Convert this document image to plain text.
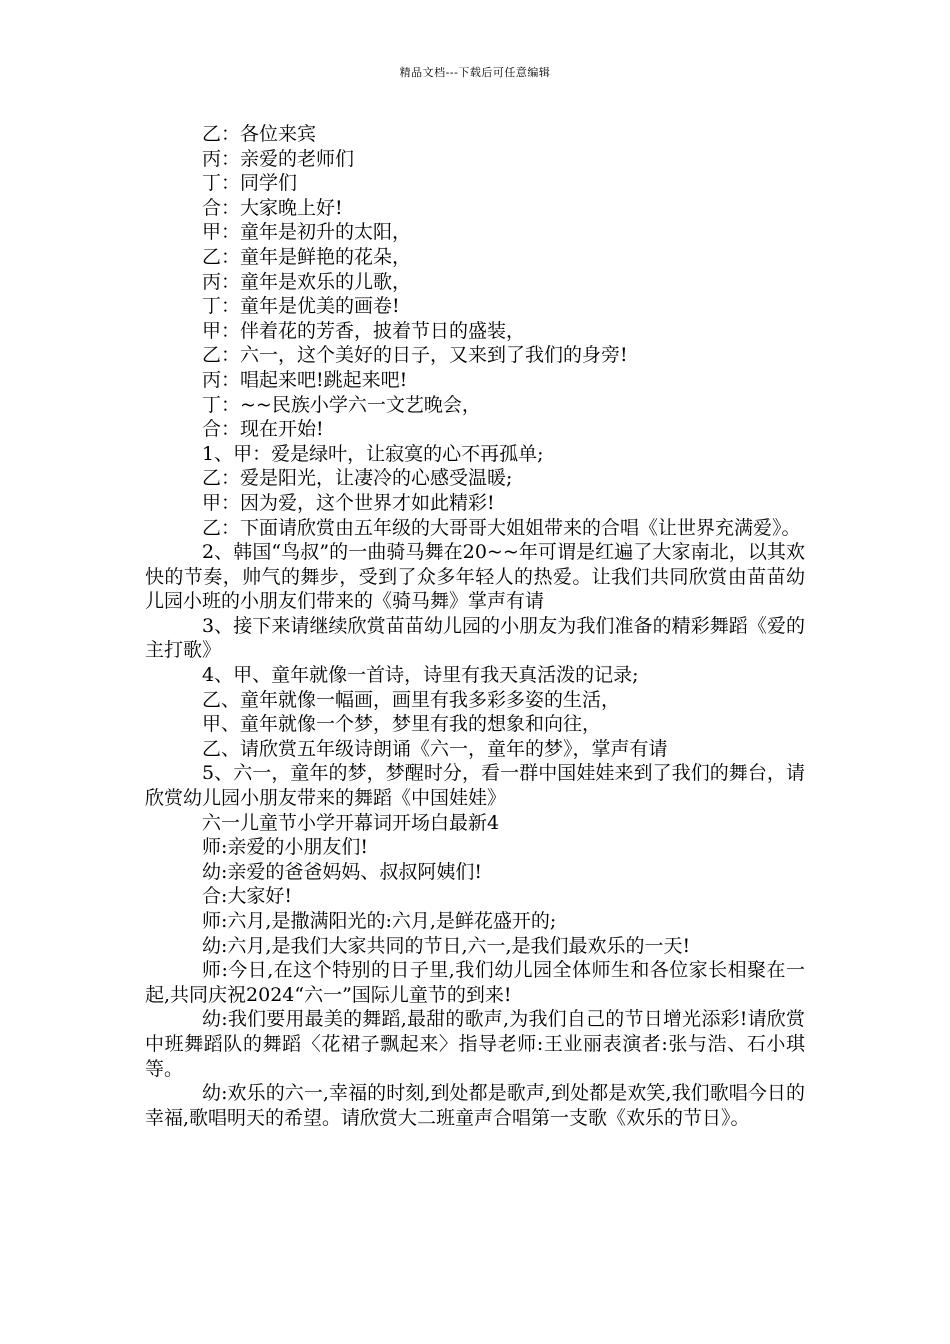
精品文档---下载后可任意编辑
乙：各位来宾
丙：亲爱的老师们
丁：同学们
合：大家晚上好!
甲：童年是初升的太阳，
乙：童年是鲜艳的花朵，
丙：童年是欢乐的儿歌，
丁：童年是优美的画卷!
甲：伴着花的芳香，披着节日的盛装，
乙：六一，这个美好的日子，又来到了我们的身旁!
丙：唱起来吧!跳起来吧!
丁：~~民族小学六一文艺晚会，
合：现在开始!
1、甲：爱是绿叶，让寂寞的心不再孤单;
乙：爱是阳光，让凄冷的心感受温暖;
甲：因为爱，这个世界才如此精彩!
乙：下面请欣赏由五年级的大哥哥大姐姐带来的合唱《让世界充满爱》。
2、韩国“鸟叔”的一曲骑马舞在20~~年可谓是红遍了大家南北，以其欢快的节奏，帅气的舞步，受到了众多年轻人的热爱。让我们共同欣赏由苗苗幼儿园小班的小朋友们带来的《骑马舞》掌声有请
3、接下来请继续欣赏苗苗幼儿园的小朋友为我们准备的精彩舞蹈《爱的主打歌》
4、甲、童年就像一首诗，诗里有我天真活泼的记录;
乙、童年就像一幅画，画里有我多彩多姿的生活，
甲、童年就像一个梦，梦里有我的想象和向往，
乙、请欣赏五年级诗朗诵《六一，童年的梦》，掌声有请
5、六一，童年的梦，梦醒时分，看一群中国娃娃来到了我们的舞台，请欣赏幼儿园小朋友带来的舞蹈《中国娃娃》
六一儿童节小学开幕词开场白最新4
师:亲爱的小朋友们!
幼:亲爱的爸爸妈妈、叔叔阿姨们!
合:大家好!
师:六月,是撒满阳光的:六月,是鲜花盛开的;
幼:六月,是我们大家共同的节日,六一,是我们最欢乐的一天!
师:今日,在这个特别的日子里,我们幼儿园全体师生和各位家长相聚在一起,共同庆祝2024“六一”国际儿童节的到来!
幼:我们要用最美的舞蹈,最甜的歌声,为我们自己的节日增光添彩!请欣赏中班舞蹈队的舞蹈〈花裙子飘起来〉指导老师:王业丽表演者:张与浩、石小琪等。
幼:欢乐的六一,幸福的时刻,到处都是歌声,到处都是欢笑,我们歌唱今日的幸福,歌唱明天的希望。请欣赏大二班童声合唱第一支歌《欢乐的节日》。
